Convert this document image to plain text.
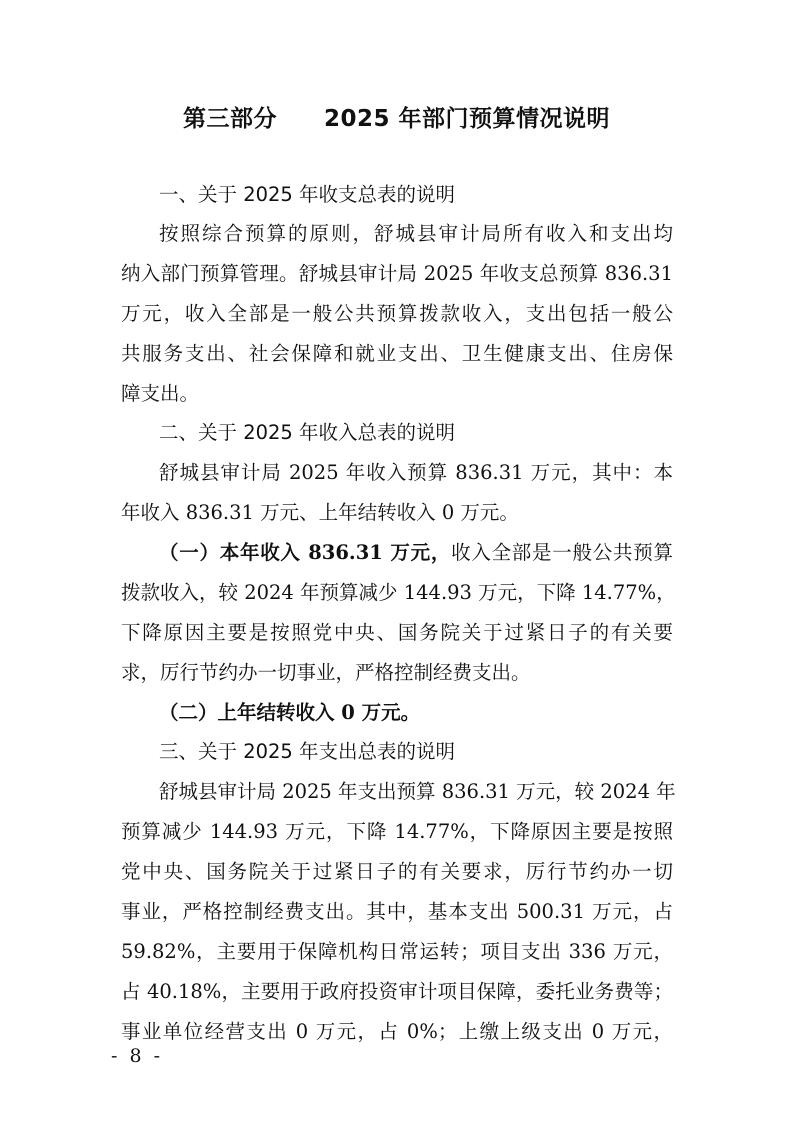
第三部分　　2025 年部门预算情况说明
一、关于 2025 年收支总表的说明
按照综合预算的原则，舒城县审计局所有收入和支出均
纳入部门预算管理。舒城县审计局 2025 年收支总预算 836.31
万元，收入全部是一般公共预算拨款收入，支出包括一般公
共服务支出、社会保障和就业支出、卫生健康支出、住房保
障支出。
二、关于 2025 年收入总表的说明
舒城县审计局 2025 年收入预算 836.31 万元，其中：本
年收入 836.31 万元、上年结转收入 0 万元。
（一）本年收入 836.31 万元，收入全部是一般公共预算
拨款收入，较 2024 年预算减少 144.93 万元，下降 14.77%，
下降原因主要是按照党中央、国务院关于过紧日子的有关要
求，厉行节约办一切事业，严格控制经费支出。
（二）上年结转收入 0 万元。
三、关于 2025 年支出总表的说明
舒城县审计局 2025 年支出预算 836.31 万元，较 2024 年
预算减少 144.93 万元，下降 14.77%，下降原因主要是按照
党中央、国务院关于过紧日子的有关要求，厉行节约办一切
事业，严格控制经费支出。其中，基本支出 500.31 万元，占
59.82%，主要用于保障机构日常运转；项目支出 336 万元，
占 40.18%，主要用于政府投资审计项目保障，委托业务费等；
事业单位经营支出 0 万元，占 0%；上缴上级支出 0 万元，
- 8 -
